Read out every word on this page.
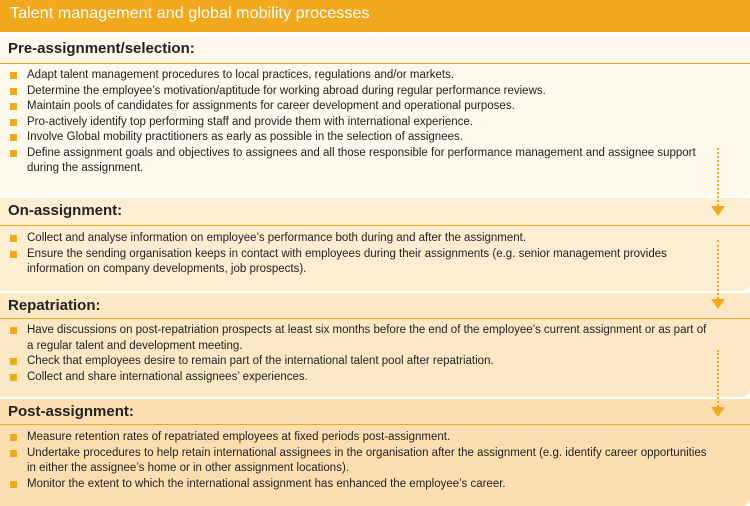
Talent management and global mobility processes
Pre-assignment/selection:
Adapt talent management procedures to local practices, regulations and/or markets.
Determine the employee’s motivation/aptitude for working abroad during regular performance reviews.
Maintain pools of candidates for assignments for career development and operational purposes.
Pro-actively identify top performing staff and provide them with international experience.
Involve Global mobility practitioners as early as possible in the selection of assignees.
Define assignment goals and objectives to assignees and all those responsible for performance management and assignee support during the assignment.
On-assignment:
Collect and analyse information on employee’s performance both during and after the assignment.
Ensure the sending organisation keeps in contact with employees during their assignments (e.g. senior management provides information on company developments, job prospects).
Repatriation:
Have discussions on post-repatriation prospects at least six months before the end of the employee’s current assignment or as part of a regular talent and development meeting.
Check that employees desire to remain part of the international talent pool after repatriation.
Collect and share international assignees’ experiences.
Post-assignment:
Measure retention rates of repatriated employees at fixed periods post-assignment.
Undertake procedures to help retain international assignees in the organisation after the assignment (e.g. identify career opportunities in either the assignee’s home or in other assignment locations).
Monitor the extent to which the international assignment has enhanced the employee’s career.
